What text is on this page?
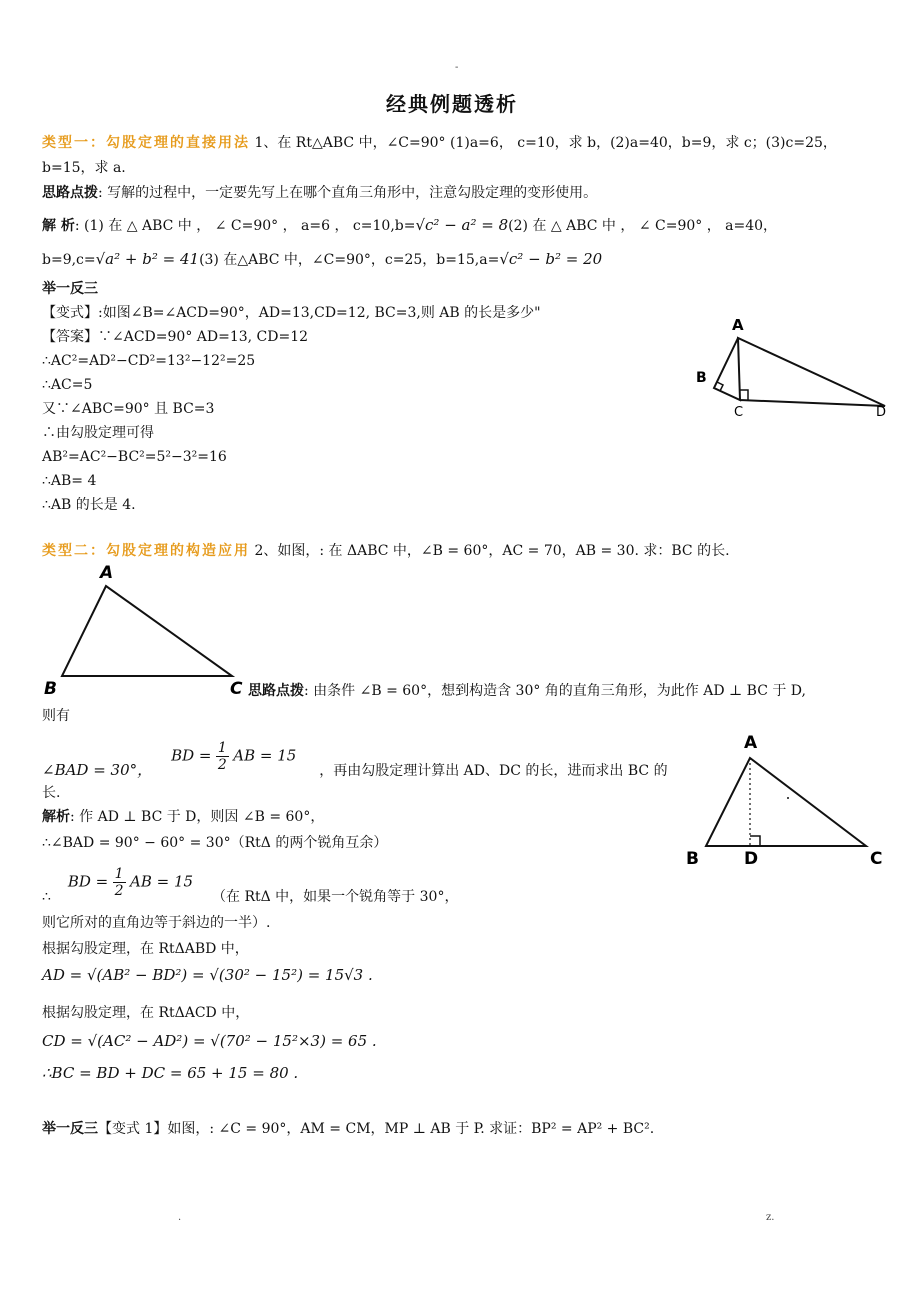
-
经典例题透析
类型一：勾股定理的直接用法 1、在 Rt△ABC 中，∠C=90° (1)a=6， c=10，求 b，(2)a=40，b=9，求 c；(3)c=25，
b=15，求 a.
思路点拨: 写解的过程中，一定要先写上在哪个直角三角形中，注意勾股定理的变形使用。
解 析: (1) 在 △ ABC 中 ， ∠ C=90° ， a=6 ， c=10,b=√c² − a² = 8(2) 在 △ ABC 中 ， ∠ C=90° ， a=40，
b=9,c=√a² + b² = 41(3) 在△ABC 中，∠C=90°，c=25，b=15,a=√c² − b² = 20
举一反三
【变式】:如图∠B=∠ACD=90°，AD=13,CD=12, BC=3,则 AB 的长是多少"
【答案】∵∠ACD=90° AD=13, CD=12
∴AC²=AD²−CD²=13²−12²=25
∴AC=5
又∵∠ABC=90° 且 BC=3
∴由勾股定理可得
AB²=AC²−BC²=5²−3²=16
∴AB= 4
∴AB 的长是 4.
A
B
C	D
类型二：勾股定理的构造应用 2、如图，: 在 ΔABC 中，∠B = 60°，AC = 70，AB = 30. 求：BC 的长.
A
B	C 思路点拨: 由条件 ∠B = 60°，想到构造含 30° 角的直角三角形，为此作 AD ⊥ BC 于 D,
则有
∠BAD = 30°，  BD = $\frac{1}{2}$ AB = 15  ，再由勾股定理计算出 AD、DC 的长，进而求出 BC 的
长.
解析: 作 AD ⊥ BC 于 D，则因 ∠B = 60°，
∴∠BAD = 90° − 60° = 30°（RtΔ 的两个锐角互余）
∴  BD = $\frac{1}{2}$ AB = 15  （在 RtΔ 中，如果一个锐角等于 30°，
则它所对的直角边等于斜边的一半）.
根据勾股定理，在 RtΔABD 中，
AD = √(AB² − BD²) = √(30² − 15²) = 15√3 .
根据勾股定理，在 RtΔACD 中，
CD = √(AC² − AD²) = √(70² − 15²×3) = 65 .
∴BC = BD + DC = 65 + 15 = 80 .
A
B	D	C
举一反三【变式 1】如图，: ∠C = 90°，AM = CM，MP ⊥ AB 于 P. 求证：BP² = AP² + BC².
.	z.
